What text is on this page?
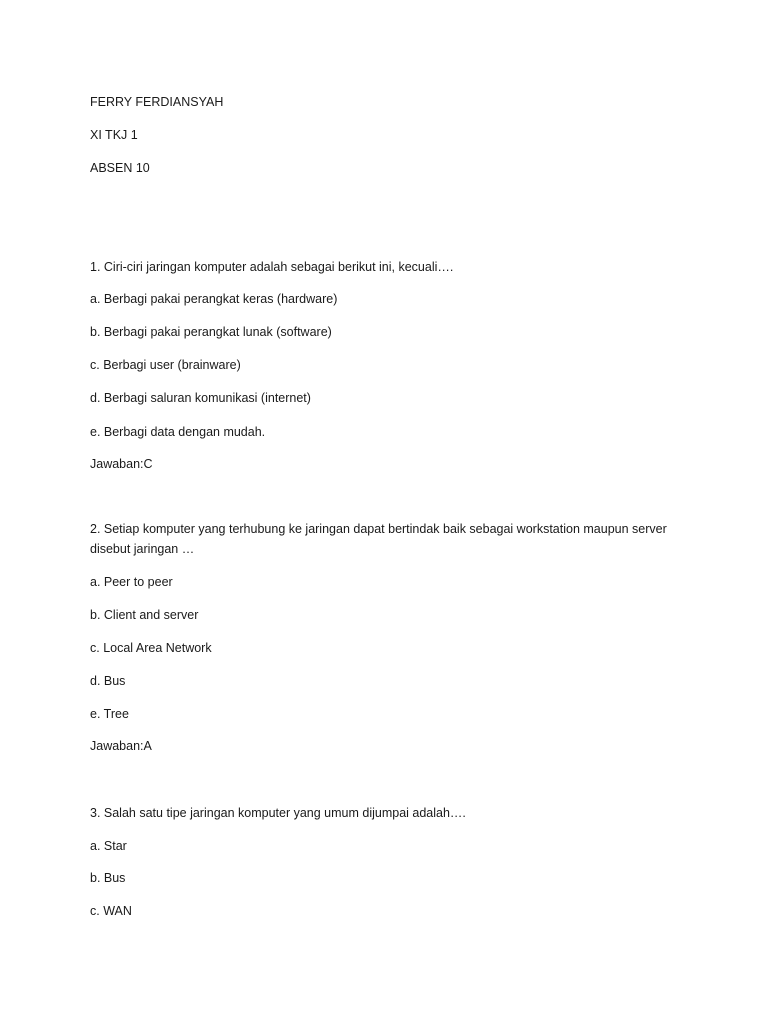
FERRY FERDIANSYAH
XI TKJ 1
ABSEN 10
1. Ciri-ciri jaringan komputer adalah sebagai berikut ini, kecuali….
a. Berbagi pakai perangkat keras (hardware)
b. Berbagi pakai perangkat lunak (software)
c. Berbagi user (brainware)
d. Berbagi saluran komunikasi (internet)
e. Berbagi data dengan mudah.
Jawaban:C
2. Setiap komputer yang terhubung ke jaringan dapat bertindak baik sebagai workstation maupun server disebut jaringan …
a. Peer to peer
b. Client and server
c. Local Area Network
d. Bus
e. Tree
Jawaban:A
3. Salah satu tipe jaringan komputer yang umum dijumpai adalah….
a. Star
b. Bus
c. WAN
